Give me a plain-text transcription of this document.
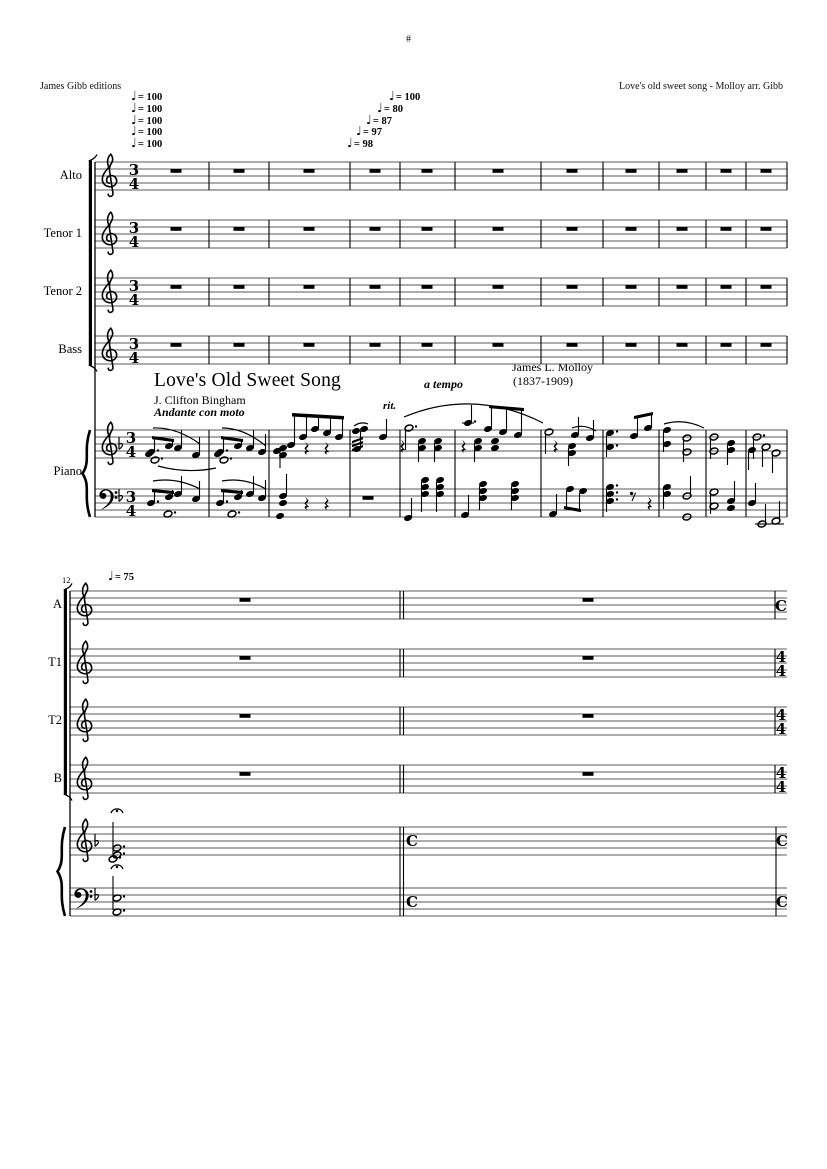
#
James Gibb editions	Love's old sweet song - Molloy arr. Gibb
♩= 100
♩= 100
♩= 100
♩= 100
♩= 100
♩= 100
♩= 80
♩= 87
♩= 97
♩= 98
Alto
Tenor 1
Tenor 2
Bass
Piano
Love's Old Sweet Song
J. Clifton Bingham
Andante con moto	rit.
a tempo
James L. Molloy
(1837-1909)
12	♩= 75
A
T1
T2
B
3
4
3
4
3
4
3
4
3
4
3
4
C
C
C
4
4
4
4
4
4
C
C
